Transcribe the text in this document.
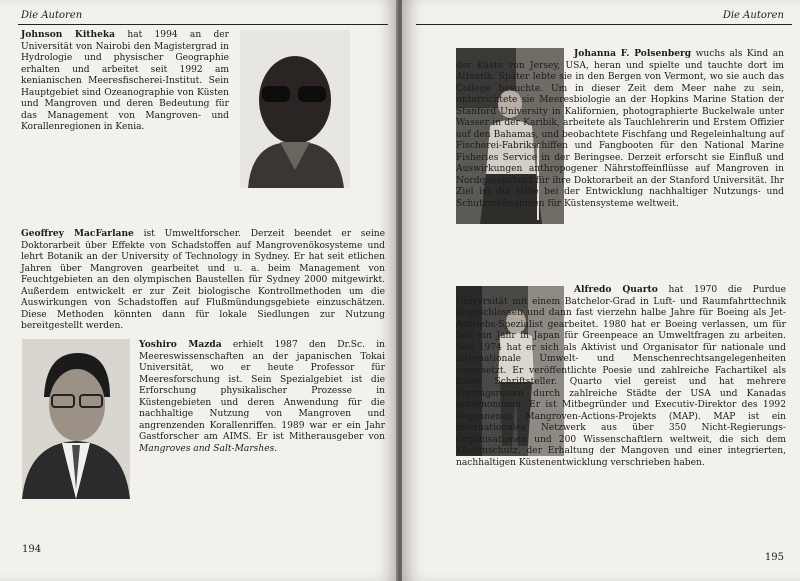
Die Autoren
Johnson Kitheka hat 1994 an der Universität von Nairobi den Magistergrad in Hydrologie und physischer Geographie erhalten und arbeitet seit 1992 am kenianischen Meeresfischerei-Institut. Sein Hauptgebiet sind Ozeanographie von Küsten und Mangroven und deren Bedeutung für das Management von Mangroven- und Korallenregionen in Kenia.
Geoffrey MacFarlane ist Umweltforscher. Derzeit beendet er seine Doktorarbeit über Effekte von Schadstoffen auf Mangrovenökosysteme und lehrt Botanik an der University of Technology in Sydney. Er hat seit etlichen Jahren über Mangroven gearbeitet und u. a. beim Management von Feuchtgebieten an den olympischen Baustellen für Sydney 2000 mitgewirkt. Außerdem entwickelt er zur Zeit biologische Kontrollmethoden um die Auswirkungen von Schadstoffen auf Flußmündungsgebiete einzuschätzen. Diese Methoden könnten dann für lokale Siedlungen zur Nutzung bereitgestellt werden.
Yoshiro Mazda erhielt 1987 den Dr.Sc. in Meereswissenschaften an der japanischen Tokai Universität, wo er heute Professor für Meeresforschung ist. Sein Spezialgebiet ist die Erforschung physikalischer Prozesse in Küstengebieten und deren Anwendung für die nachhaltige Nutzung von Mangroven und angrenzenden Korallenriffen. 1989 war er ein Jahr Gastforscher am AIMS. Er ist Mitherausgeber von Mangroves and Salt-Marshes.
194
Die Autoren
Johanna F. Polsenberg wuchs als Kind an der Küste von Jersey, USA, heran und spielte und tauchte dort im Atlantik. Später lebte sie in den Bergen von Vermont, wo sie auch das College besuchte. Um in dieser Zeit dem Meer nahe zu sein, unterrichtete sie Meeresbiologie an der Hopkins Marine Station der Stanford University in Kalifornien, photographierte Buckelwale unter Wasser in der Karibik, arbeitete als Tauchlehrerin und Erstem Offizier auf den Bahamas, und beobachtete Fischfang und Regeleinhaltung auf Fischerei-Fabrikschiffen und Fangbooten für den National Marine Fisheries Service in der Beringsee. Derzeit erforscht sie Einfluß und Auswirkungen anthropogener Nährstoffeinflüsse auf Mangroven in Nordqueensland für ihre Doktorarbeit an der Stanford Universität. Ihr Ziel ist die Hilfe bei der Entwicklung nachhaltiger Nutzungs- und Schutzmaßnahmen für Küstensysteme weltweit.
Alfredo Quarto hat 1970 die Purdue Universität mit einem Batchelor-Grad in Luft- und Raumfahrttechnik abgeschlossen und dann fast vierzehn halbe Jahre für Boeing als Jet-Antriebs-Spezialist gearbeitet. 1980 hat er Boeing verlassen, um für fast ein Jahr in Japan für Greenpeace an Umweltfragen zu arbeiten. Seit 1974 hat er sich als Aktivist und Organisator für nationale und internationale Umwelt- und Menschenrechtsangelegenheiten eingesetzt. Er veröffentlichte Poesie und zahlreiche Fachartikel als freier Schriftsteller. Quarto viel gereist und hat mehrere Vortragsreisen durch zahlreiche Städte der USA und Kanadas unternommen. Er ist Mitbegründer und Executiv-Direktor des 1992 begonnenen Mangroven-Actions-Projekts (MAP). MAP ist ein internationales Netzwerk aus über 350 Nicht-Regierungs-Organisationen und 200 Wissenschaftlern weltweit, die sich dem Küstenschutz, der Erhaltung der Mangoven und einer integrierten, nachhaltigen Küstenentwicklung verschrieben haben.
195
